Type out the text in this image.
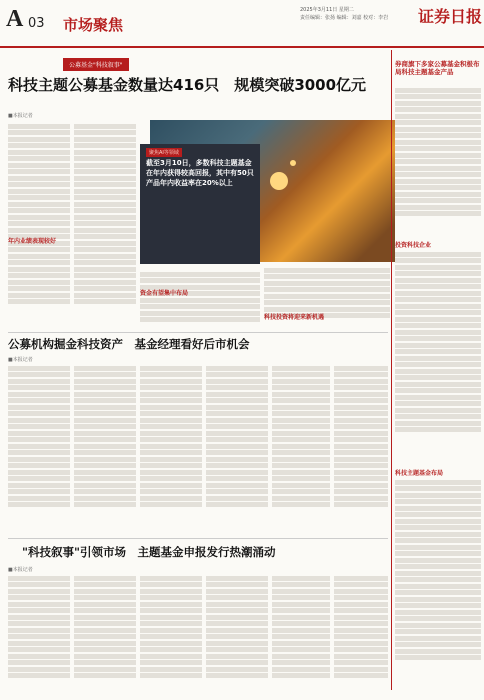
A 03 市场聚焦
2025年3月11日 星期二
责任编辑：张扬 编辑：刘嘉 校对：李岩 证券日报
公募基金"科技叙事"
科技主题公募基金数量达416只　规模突破3000亿元
■本报记者
年内业绩表现较好
聚焦AI等领域
截至3月10日，多数科技主题基金在年内获得较高回报，其中有50只产品年内收益率在20%以上
资金有望集中布局
科技投资将迎来新机遇
券商旗下多家公募基金积极布局科技主题基金产品
投资科技企业
科技主题基金布局
公募机构掘金科技资产　基金经理看好后市机会
■本报记者
"科技叙事"引领市场　主题基金申报发行热潮涌动
■本报记者
